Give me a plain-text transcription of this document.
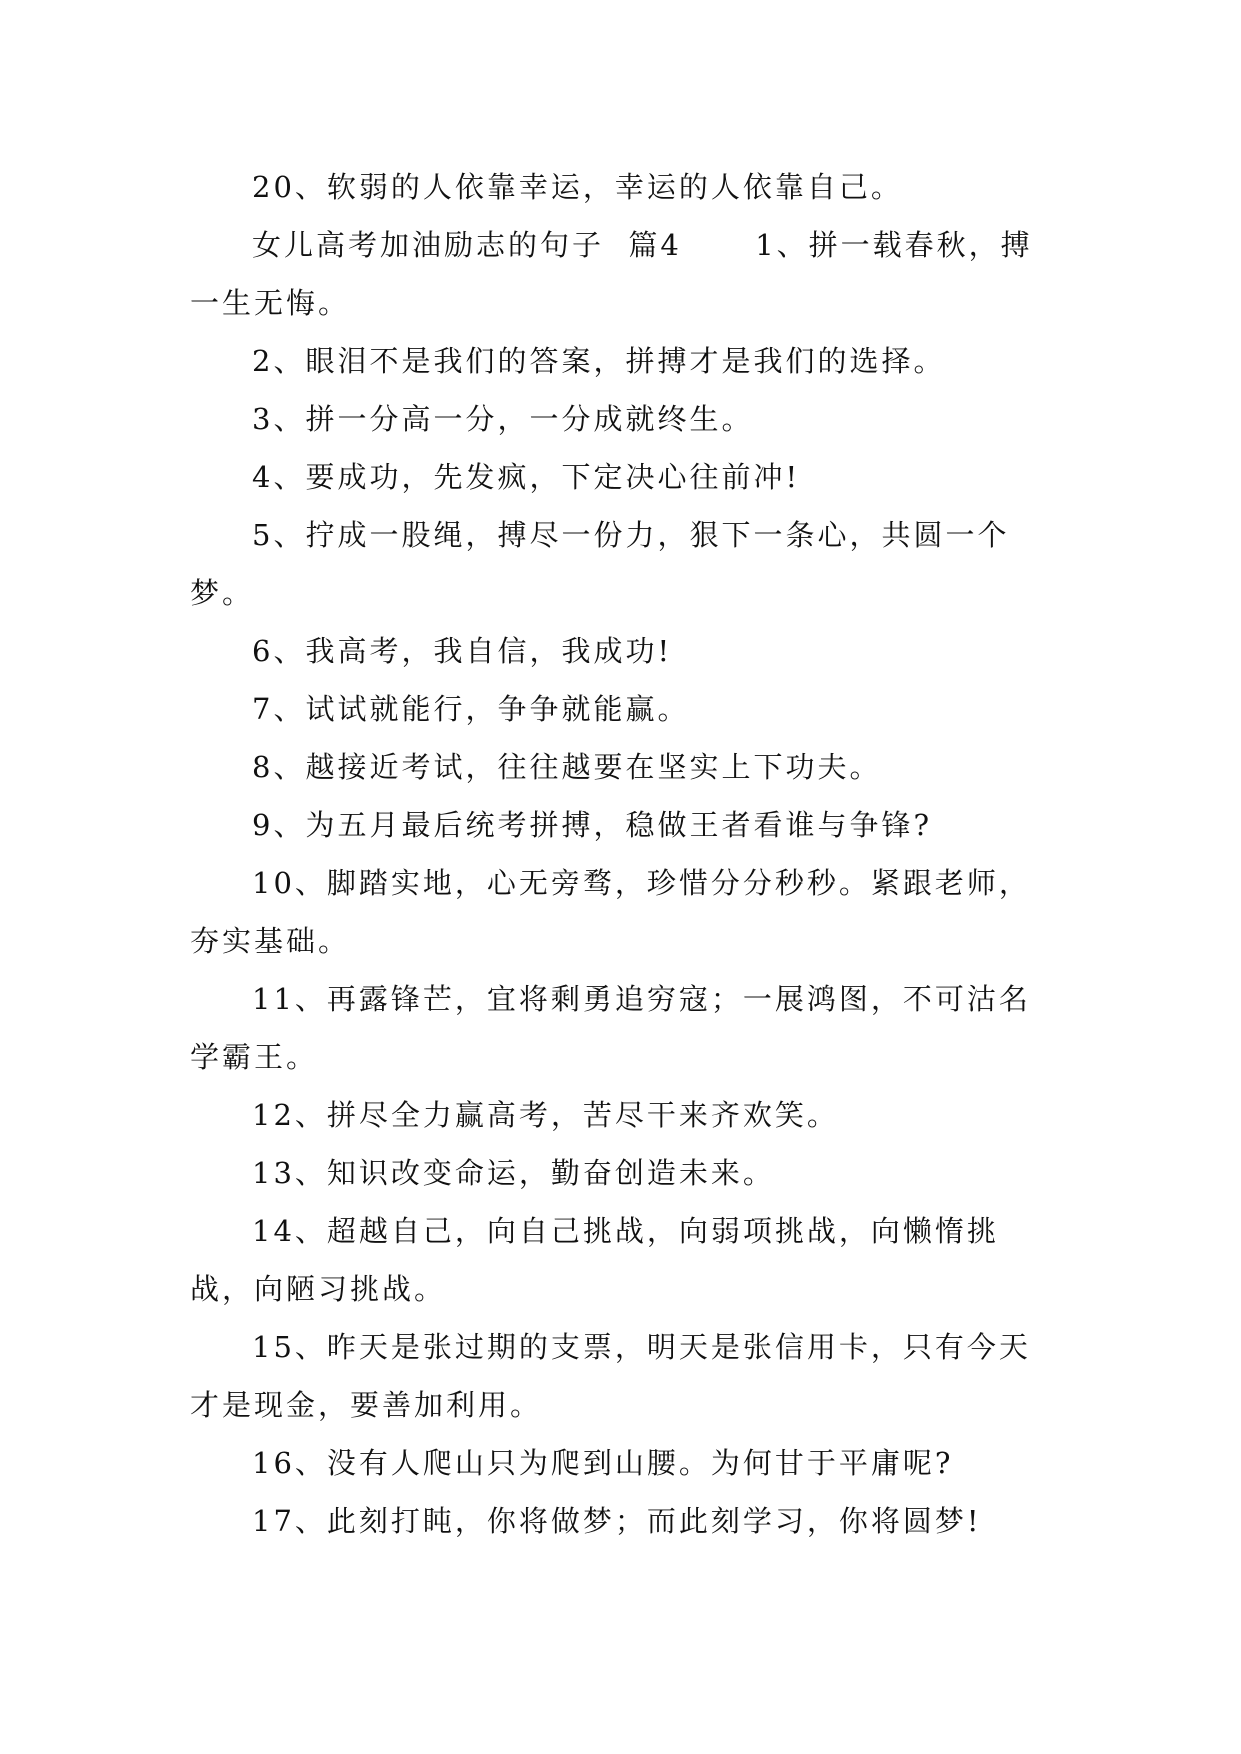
20、软弱的人依靠幸运，幸运的人依靠自己。

女儿高考加油励志的句子  篇4      1、拼一载春秋，搏一生无悔。

2、眼泪不是我们的答案，拼搏才是我们的选择。

3、拼一分高一分，一分成就终生。

4、要成功，先发疯，下定决心往前冲!

5、拧成一股绳，搏尽一份力，狠下一条心，共圆一个梦。

6、我高考，我自信，我成功!

7、试试就能行，争争就能赢。

8、越接近考试，往往越要在坚实上下功夫。

9、为五月最后统考拼搏，稳做王者看谁与争锋?

10、脚踏实地，心无旁骛，珍惜分分秒秒。紧跟老师，夯实基础。

11、再露锋芒，宜将剩勇追穷寇；一展鸿图，不可沽名学霸王。

12、拼尽全力赢高考，苦尽干来齐欢笑。

13、知识改变命运，勤奋创造未来。

14、超越自己，向自己挑战，向弱项挑战，向懒惰挑战，向陋习挑战。

15、昨天是张过期的支票，明天是张信用卡，只有今天才是现金，要善加利用。

16、没有人爬山只为爬到山腰。为何甘于平庸呢?

17、此刻打盹，你将做梦；而此刻学习，你将圆梦!
